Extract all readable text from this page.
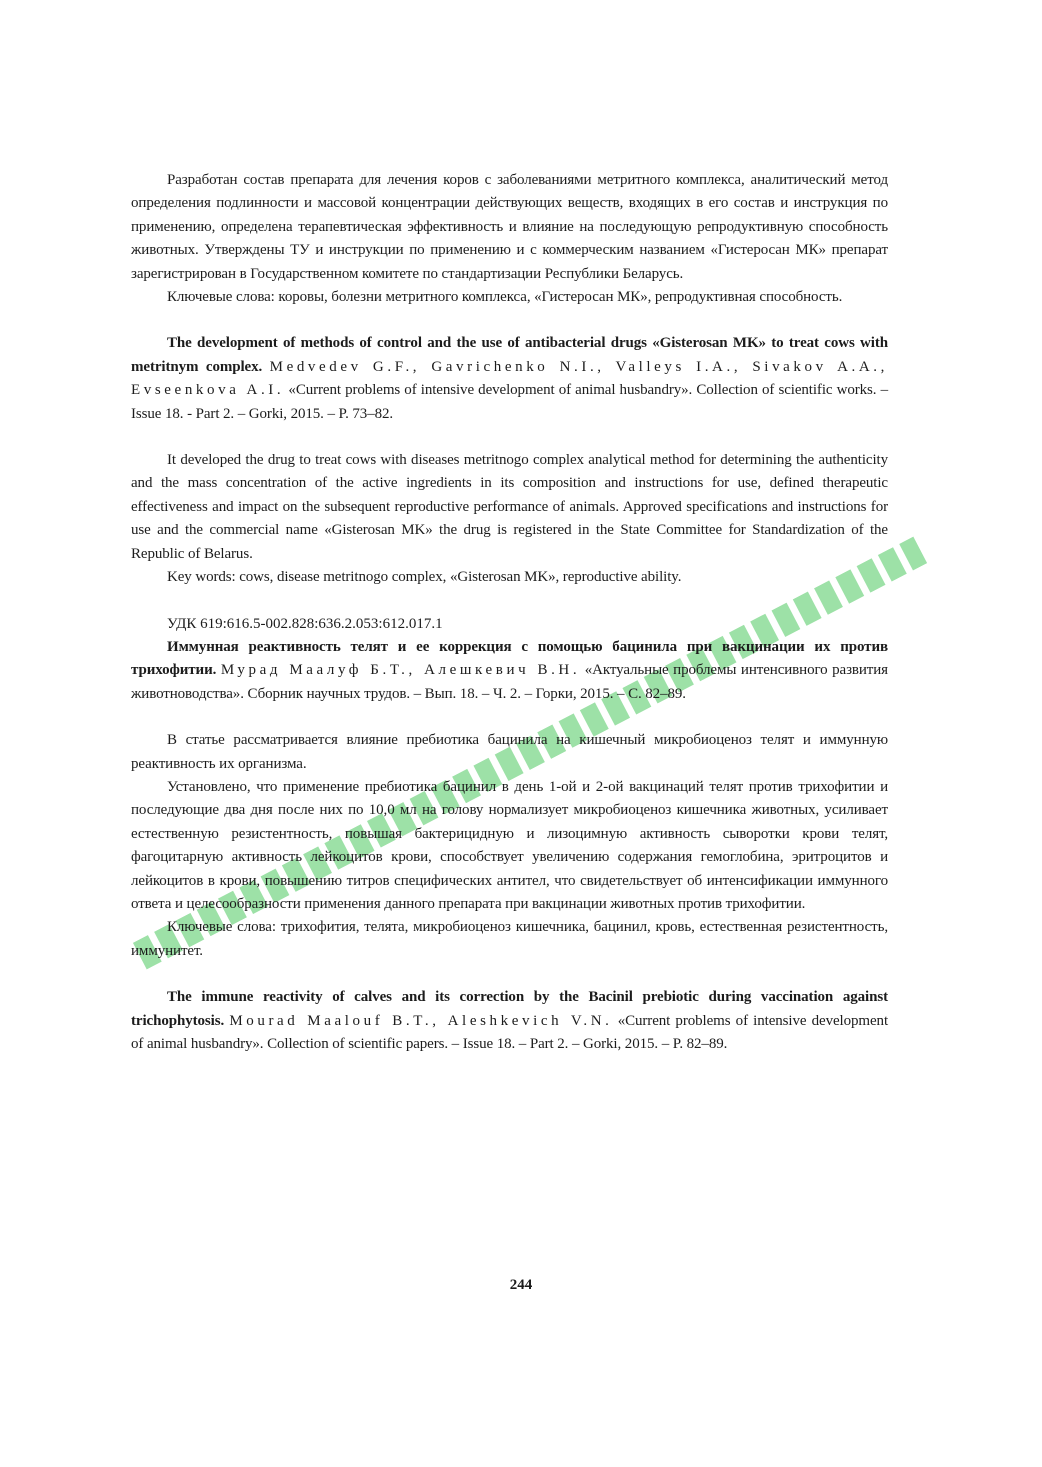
Разработан состав препарата для лечения коров с заболеваниями метритного комплекса, аналитический метод определения подлинности и массовой концентрации действующих веществ, входящих в его состав и инструкция по применению, определена терапевтическая эффективность и влияние на последующую репродуктивную способность животных. Утверждены ТУ и инструкции по применению и с коммерческим названием «Гистеросан МК» препарат зарегистрирован в Государственном комитете по стандартизации Республики Беларусь.

Ключевые слова: коровы, болезни метритного комплекса, «Гистеросан МК», репродуктивная способность.

The development of methods of control and the use of antibacterial drugs «Gisterosan MK» to treat cows with metritnym complex. Medvedev G.F., Gavrichenko N.I., Valleys I.A., Sivakov A.A., Evseenkova A.I. «Current problems of intensive development of animal husbandry». Collection of scientific works. – Issue 18. - Part 2. – Gorki, 2015. – P. 73–82.

It developed the drug to treat cows with diseases metritnogo complex analytical method for determining the authenticity and the mass concentration of the active ingredients in its composition and instructions for use, defined therapeutic effectiveness and impact on the subsequent reproductive performance of animals. Approved specifications and instructions for use and the commercial name «Gisterosan MK» the drug is registered in the State Committee for Standardization of the Republic of Belarus.

Key words: cows, disease metritnogo complex, «Gisterosan MK», reproductive ability.

УДК 619:616.5-002.828:636.2.053:612.017.1

Иммунная реактивность телят и ее коррекция с помощью бацинила при вакцинации их против трихофитии. Мурад Маалуф Б.Т., Алешкевич В.Н. «Актуальные проблемы интенсивного развития животноводства». Сборник научных трудов. – Вып. 18. – Ч. 2. – Горки, 2015. – С. 82–89.

В статье рассматривается влияние пребиотика бацинила на кишечный микробиоценоз телят и иммунную реактивность их организма.

Установлено, что применение пребиотика бацинил в день 1-ой и 2-ой вакцинаций телят против трихофитии и последующие два дня после них по 10,0 мл на голову нормализует микробиоценоз кишечника животных, усиливает естественную резистентность, повышая бактерицидную и лизоцимную активность сыворотки крови телят, фагоцитарную активность лейкоцитов крови, способствует увеличению содержания гемоглобина, эритроцитов и лейкоцитов в крови, повышению титров специфических антител, что свидетельствует об интенсификации иммунного ответа и целесообразности применения данного препарата при вакцинации животных против трихофитии.

Ключевые слова: трихофития, телята, микробиоценоз кишечника, бацинил, кровь, естественная резистентность, иммунитет.

The immune reactivity of calves and its correction by the Bacinil prebiotic during vaccination against trichophytosis. Mourad Maalouf B.T., Aleshkevich V.N. «Current problems of intensive development of animal husbandry». Collection of scientific papers. – Issue 18. – Part 2. – Gorki, 2015. – P. 82–89.

244
